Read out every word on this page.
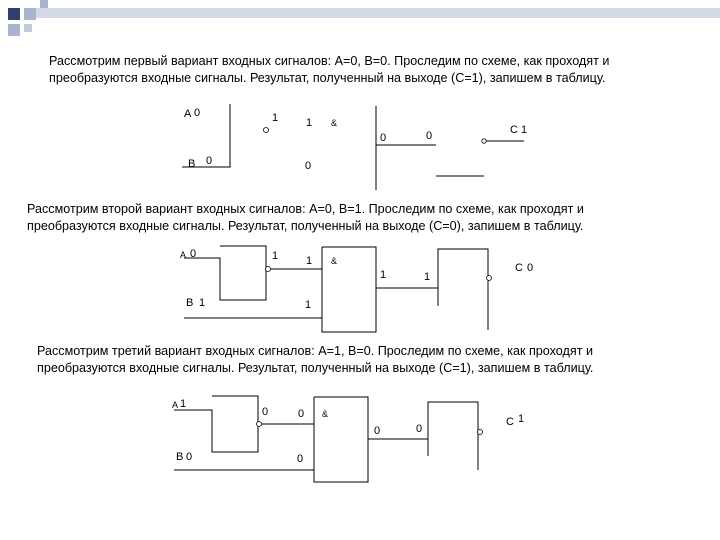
Рассмотрим первый вариант входных сигналов: А=0, В=0. Проследим по схеме, как проходят и
преобразуются входные сигналы. Результат, полученный на выходе (С=1), запишем в таблицу.

A 0
B 0
1	1
0
&
0	0	C 1

Рассмотрим второй вариант входных сигналов: А=0, В=1. Проследим по схеме, как проходят и
преобразуются входные сигналы. Результат, полученный на выходе (С=0), запишем в таблицу.

A 0
B 1
1	1
1
&
1	1
C 0

Рассмотрим третий вариант входных сигналов: А=1, В=0. Проследим по схеме, как проходят и
преобразуются входные сигналы. Результат, полученный на выходе (С=1), запишем в таблицу.

A 1
B 0
0	0
0
&
0	0
C 1
